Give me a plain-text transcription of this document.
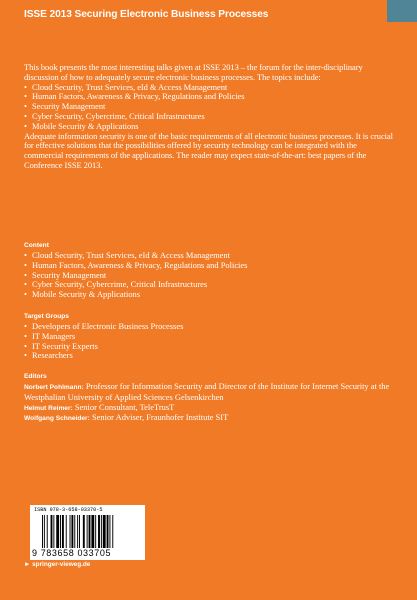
ISSE 2013 Securing Electronic Business Processes

This book presents the most interesting talks given at ISSE 2013 – the forum for the inter-disciplinary discussion of how to adequately secure electronic business processes. The topics include:

• Cloud Security, Trust Services, eId & Access Management
• Human Factors, Awareness & Privacy, Regulations and Policies
• Security Management
• Cyber Security, Cybercrime, Critical Infrastructures
• Mobile Security & Applications

Adequate information security is one of the basic requirements of all electronic business processes. It is crucial for effective solutions that the possibilities offered by security technology can be integrated with the commercial requirements of the applications. The reader may expect state-of-the-art: best papers of the Conference ISSE 2013.

Content
• Cloud Security, Trust Services, eId & Access Management
• Human Factors, Awareness & Privacy, Regulations and Policies
• Security Management
• Cyber Security, Cybercrime, Critical Infrastructures
• Mobile Security & Applications
Target Groups
• Developers of Electronic Business Processes
• IT Managers
• IT Security Experts
• Researchers
Editors

Norbert Pohlmann: Professor for Information Security and Director of the Institute for Internet Security at the Westphalian University of Applied Sciences Gelsenkirchen

Helmut Reimer: Senior Consultant, TeleTrusT

Wolfgang Schneider: Senior Adviser, Fraunhofer Institute SIT

ISBN 978-3-658-03370-5
9 783658 033705
► springer-vieweg.de
